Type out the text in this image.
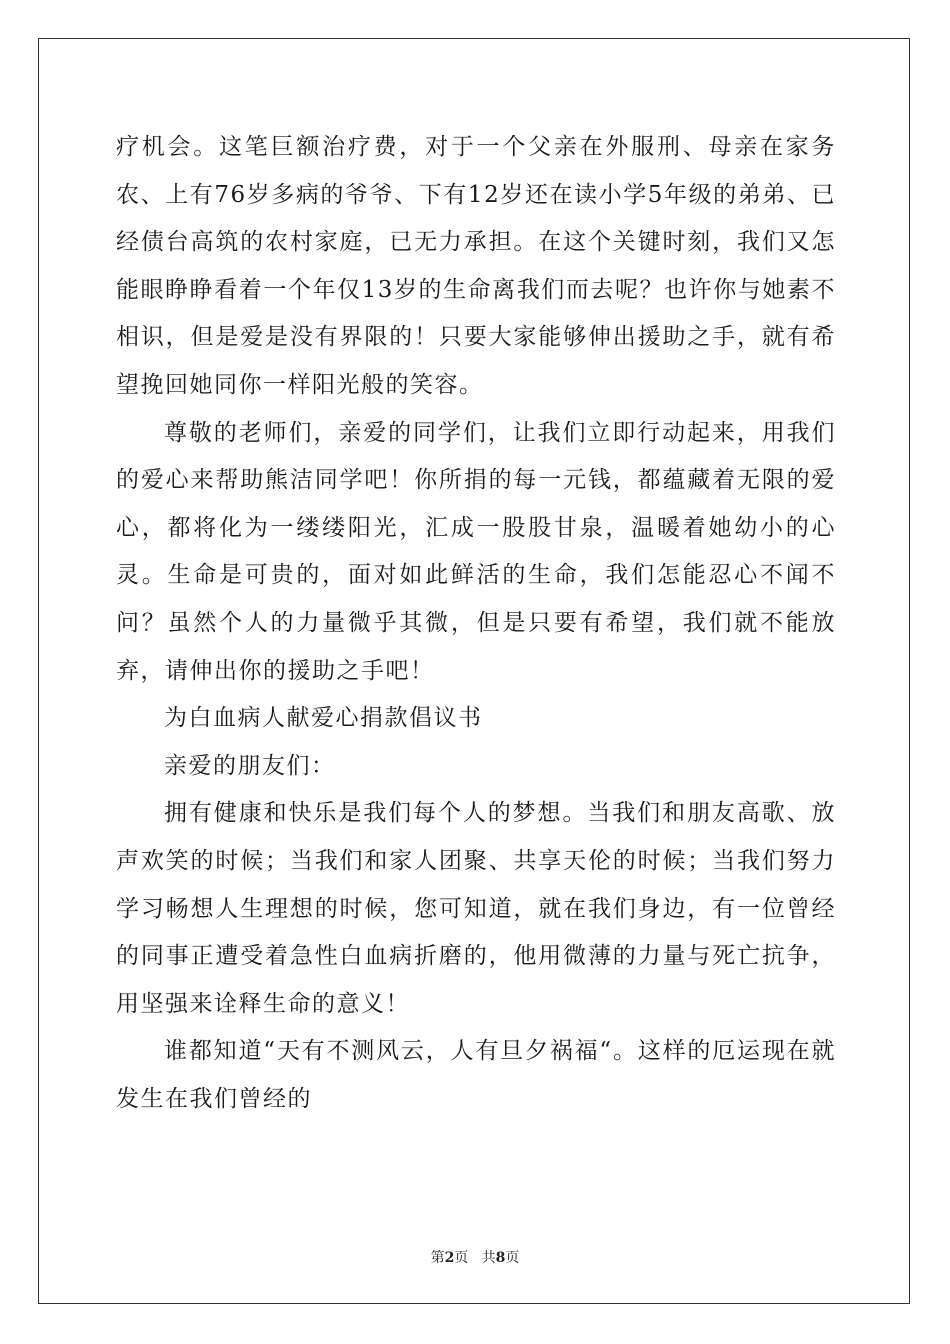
疗机会。这笔巨额治疗费，对于一个父亲在外服刑、母亲在家务农、上有76岁多病的爷爷、下有12岁还在读小学5年级的弟弟、已经债台高筑的农村家庭，已无力承担。在这个关键时刻，我们又怎能眼睁睁看着一个年仅13岁的生命离我们而去呢？也许你与她素不相识，但是爱是没有界限的！只要大家能够伸出援助之手，就有希望挽回她同你一样阳光般的笑容。

尊敬的老师们，亲爱的同学们，让我们立即行动起来，用我们的爱心来帮助熊洁同学吧！你所捐的每一元钱，都蕴藏着无限的爱心，都将化为一缕缕阳光，汇成一股股甘泉，温暖着她幼小的心灵。生命是可贵的，面对如此鲜活的生命，我们怎能忍心不闻不问？虽然个人的力量微乎其微，但是只要有希望，我们就不能放弃，请伸出你的援助之手吧！

为白血病人献爱心捐款倡议书

亲爱的朋友们：

拥有健康和快乐是我们每个人的梦想。当我们和朋友高歌、放声欢笑的时候；当我们和家人团聚、共享天伦的时候；当我们努力学习畅想人生理想的时候，您可知道，就在我们身边，有一位曾经的同事正遭受着急性白血病折磨的，他用微薄的力量与死亡抗争，用坚强来诠释生命的意义！

谁都知道“天有不测风云，人有旦夕祸福“。这样的厄运现在就发生在我们曾经的

第2页 共8页
